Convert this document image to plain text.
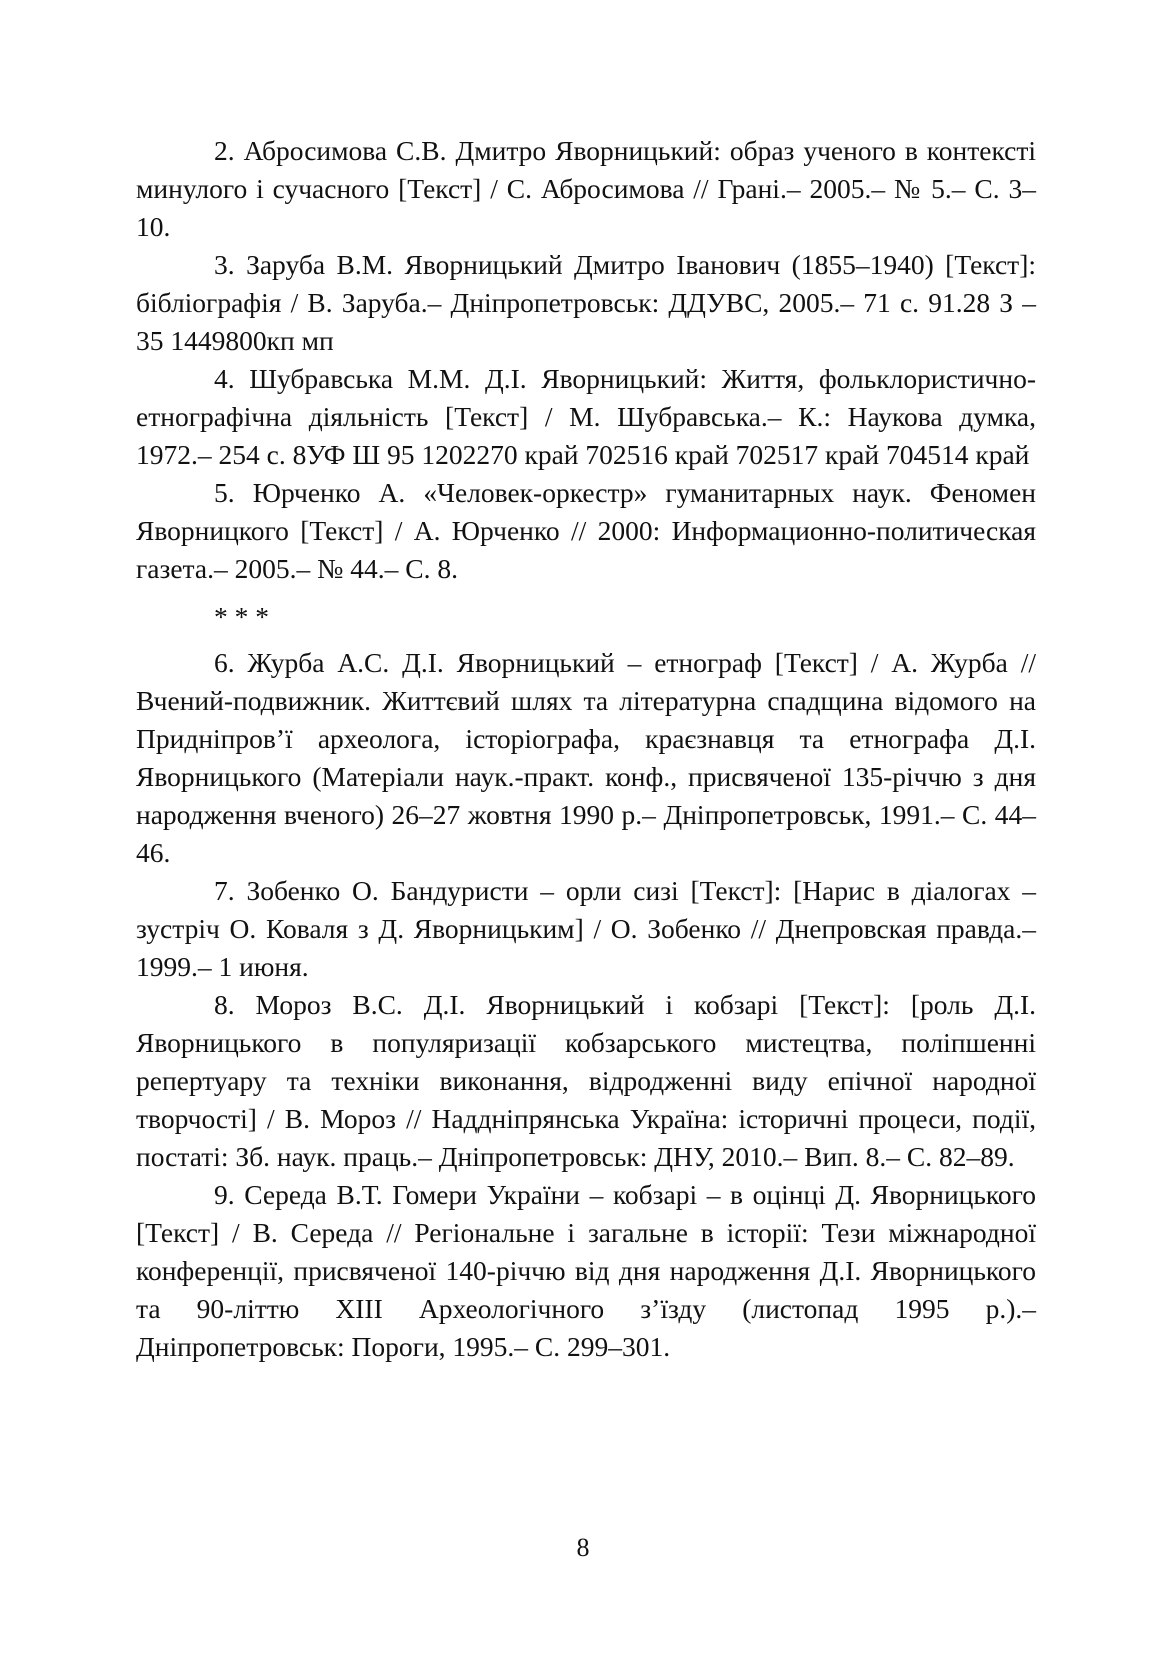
2. Абросимова С.В. Дмитро Яворницький: образ ученого в контексті минулого і сучасного [Текст] / С. Абросимова // Грані.– 2005.– № 5.– С. 3–10.

3. Заруба В.М. Яворницький Дмитро Іванович (1855–1940) [Текст]: бібліографія / В. Заруба.– Дніпропетровськ: ДДУВС, 2005.– 71 с. 91.28 З – 35 1449800кп мп

4. Шубравська М.М. Д.І. Яворницький: Життя, фольклористично-етнографічна діяльність [Текст] / М. Шубравська.– К.: Наукова думка, 1972.– 254 с. 8УФ Ш 95 1202270 край 702516 край 702517 край 704514 край

5. Юрченко А. «Человек-оркестр» гуманитарных наук. Феномен Яворницкого [Текст] / А. Юрченко // 2000: Информационно-политическая газета.– 2005.– № 44.– С. 8.

* * *

6. Журба А.С. Д.І. Яворницький – етнограф [Текст] / А. Журба // Вчений-подвижник. Життєвий шлях та літературна спадщина відомого на Придніпров’ї археолога, історіографа, краєзнавця та етнографа Д.І. Яворницького (Матеріали наук.-практ. конф., присвяченої 135-річчю з дня народження вченого) 26–27 жовтня 1990 р.– Дніпропетровськ, 1991.– С. 44–46.

7. Зобенко О. Бандуристи – орли сизі [Текст]: [Нарис в діалогах – зустріч О. Коваля з Д. Яворницьким] / О. Зобенко // Днепровская правда.– 1999.– 1 июня.

8. Мороз В.С. Д.І. Яворницький і кобзарі [Текст]: [роль Д.І. Яворницького в популяризації кобзарського мистецтва, поліпшенні репертуару та техніки виконання, відродженні виду епічної народної творчості] / В. Мороз // Наддніпрянська Україна: історичні процеси, події, постаті: Зб. наук. праць.– Дніпропетровськ: ДНУ, 2010.– Вип. 8.– С. 82–89.

9. Середа В.Т. Гомери України – кобзарі – в оцінці Д. Яворницького [Текст] / В. Середа // Регіональне і загальне в історії: Тези міжнародної конференції, присвяченої 140-річчю від дня народження Д.І. Яворницького та 90-літтю XIII Археологічного з’їзду (листопад 1995 р.).– Дніпропетровськ: Пороги, 1995.– С. 299–301.

8
